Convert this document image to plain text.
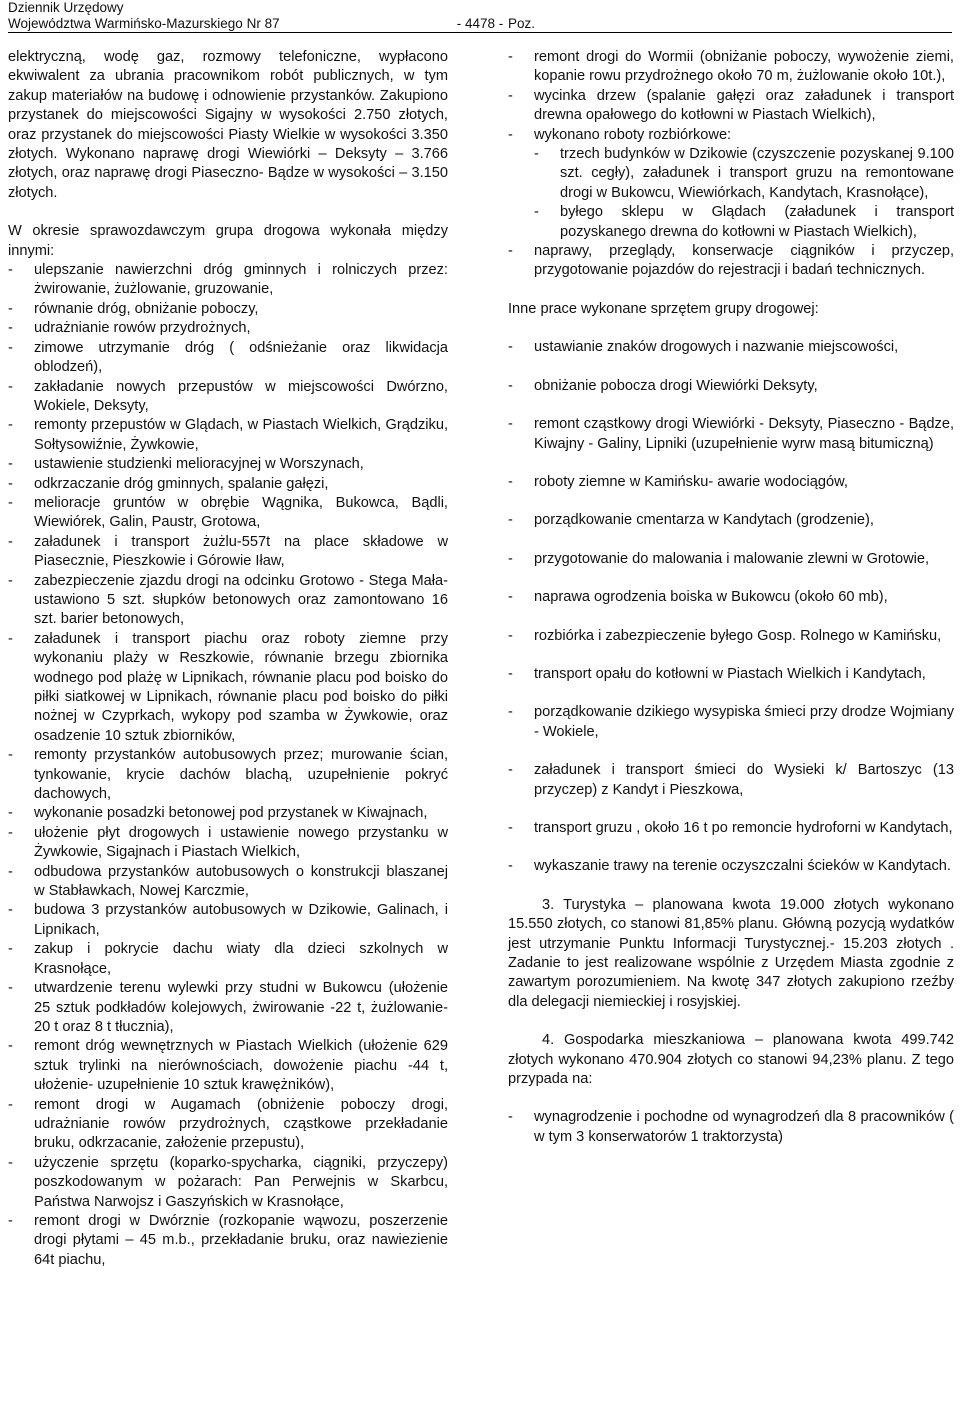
Dziennik Urzędowy
Województwa Warmińsko-Mazurskiego Nr 87	- 4478 - Poz.

elektryczną, wodę gaz, rozmowy telefoniczne, wypłacono ekwiwalent za ubrania pracownikom robót publicznych, w tym zakup materiałów na budowę i odnowienie przystanków. Zakupiono przystanek do miejscowości Sigajny w wysokości 2.750 złotych, oraz przystanek do miejscowości Piasty Wielkie w wysokości 3.350 złotych. Wykonano naprawę drogi Wiewiórki – Deksyty – 3.766 złotych, oraz naprawę drogi Piaseczno- Bądze w wysokości – 3.150 złotych.

W okresie sprawozdawczym grupa drogowa wykonała między innymi:

- ulepszanie nawierzchni dróg gminnych i rolniczych przez: żwirowanie, żużlowanie, gruzowanie,
- równanie dróg, obniżanie poboczy,
- udrażnianie rowów przydrożnych,
- zimowe utrzymanie dróg ( odśnieżanie oraz likwidacja oblodzeń),
- zakładanie nowych przepustów w miejscowości Dwórzno, Wokiele, Deksyty,
- remonty przepustów w Glądach, w Piastach Wielkich, Grądziku, Sołtysowiźnie, Żywkowie,
- ustawienie studzienki melioracyjnej w Worszynach,
- odkrzaczanie dróg gminnych, spalanie gałęzi,
- melioracje gruntów w obrębie Wągnika, Bukowca, Bądli, Wiewiórek, Galin, Paustr, Grotowa,
- załadunek i transport żużlu-557t na place składowe w Piasecznie, Pieszkowie i Górowie Iław,
- zabezpieczenie zjazdu drogi na odcinku Grotowo - Stega Mała- ustawiono 5 szt. słupków betonowych oraz zamontowano 16 szt. barier betonowych,
- załadunek i transport piachu oraz roboty ziemne przy wykonaniu plaży w Reszkowie, równanie brzegu zbiornika wodnego pod plażę w Lipnikach, równanie placu pod boisko do piłki siatkowej w Lipnikach, równanie placu pod boisko do piłki nożnej w Czyprkach, wykopy pod szamba w Żywkowie, oraz osadzenie 10 sztuk zbiorników,
- remonty przystanków autobusowych przez; murowanie ścian, tynkowanie, krycie dachów blachą, uzupełnienie pokryć dachowych,
- wykonanie posadzki betonowej pod przystanek w Kiwajnach,
- ułożenie płyt drogowych i ustawienie nowego przystanku w Żywkowie, Sigajnach i Piastach Wielkich,
- odbudowa przystanków autobusowych o konstrukcji blaszanej w Stabławkach, Nowej Karczmie,
- budowa 3 przystanków autobusowych w Dzikowie, Galinach, i Lipnikach,
- zakup i pokrycie dachu wiaty dla dzieci szkolnych w Krasnołące,
- utwardzenie terenu wylewki przy studni w Bukowcu (ułożenie 25 sztuk podkładów kolejowych, żwirowanie -22 t, żużlowanie- 20 t oraz 8 t tłucznia),
- remont dróg wewnętrznych w Piastach Wielkich (ułożenie 629 sztuk trylinki na nierównościach, dowożenie piachu -44 t, ułożenie- uzupełnienie 10 sztuk krawężników),
- remont drogi w Augamach (obniżenie poboczy drogi, udrażnianie rowów przydrożnych, cząstkowe przekładanie bruku, odkrzacanie, założenie przepustu),
- użyczenie sprzętu (koparko-spycharka, ciągniki, przyczepy) poszkodowanym w pożarach: Pan Perwejnis w Skarbcu, Państwa Narwojsz i Gaszyńskich w Krasnołące,
- remont drogi w Dwórznie (rozkopanie wąwozu, poszerzenie drogi płytami – 45 m.b., przekładanie bruku, oraz nawiezienie 64t piachu,
- remont drogi do Wormii (obniżanie poboczy, wywożenie ziemi, kopanie rowu przydrożnego około 70 m, żużlowanie około 10t.),
- wycinka drzew (spalanie gałęzi oraz załadunek i transport drewna opałowego do kotłowni w Piastach Wielkich),
- wykonano roboty rozbiórkowe:
- trzech budynków w Dzikowie (czyszczenie pozyskanej 9.100 szt. cegły), załadunek i transport gruzu na remontowane drogi w Bukowcu, Wiewiórkach, Kandytach, Krasnołące),
- byłego sklepu w Glądach (załadunek i transport pozyskanego drewna do kotłowni w Piastach Wielkich),
- naprawy, przeglądy, konserwacje ciągników i przyczep, przygotowanie pojazdów do rejestracji i badań technicznych.

Inne prace wykonane sprzętem grupy drogowej:

- ustawianie znaków drogowych i nazwanie miejscowości,
- obniżanie pobocza drogi Wiewiórki Deksyty,
- remont cząstkowy drogi Wiewiórki - Deksyty, Piaseczno - Bądze, Kiwajny - Galiny, Lipniki (uzupełnienie wyrw masą bitumiczną)
- roboty ziemne w Kamińsku- awarie wodociągów,
- porządkowanie cmentarza w Kandytach (grodzenie),
- przygotowanie do malowania i malowanie zlewni w Grotowie,
- naprawa ogrodzenia boiska w Bukowcu (około 60 mb),
- rozbiórka i zabezpieczenie byłego Gosp. Rolnego w Kamińsku,
- transport opału do kotłowni w Piastach Wielkich i Kandytach,
- porządkowanie dzikiego wysypiska śmieci przy drodze Wojmiany - Wokiele,
- załadunek i transport śmieci do Wysieki k/ Bartoszyc (13 przyczep) z Kandyt i Pieszkowa,
- transport gruzu , około 16 t po remoncie hydroforni w Kandytach,
- wykaszanie trawy na terenie oczyszczalni ścieków w Kandytach.

3. Turystyka – planowana kwota 19.000 złotych wykonano 15.550 złotych, co stanowi 81,85% planu. Główną pozycją wydatków jest utrzymanie Punktu Informacji Turystycznej.- 15.203 złotych . Zadanie to jest realizowane wspólnie z Urzędem Miasta zgodnie z zawartym porozumieniem. Na kwotę 347 złotych zakupiono rzeźby dla delegacji niemieckiej i rosyjskiej.

4. Gospodarka mieszkaniowa – planowana kwota 499.742 złotych wykonano 470.904 złotych co stanowi 94,23% planu. Z tego przypada na:

- wynagrodzenie i pochodne od wynagrodzeń dla 8 pracowników ( w tym 3 konserwatorów 1 traktorzysta)
